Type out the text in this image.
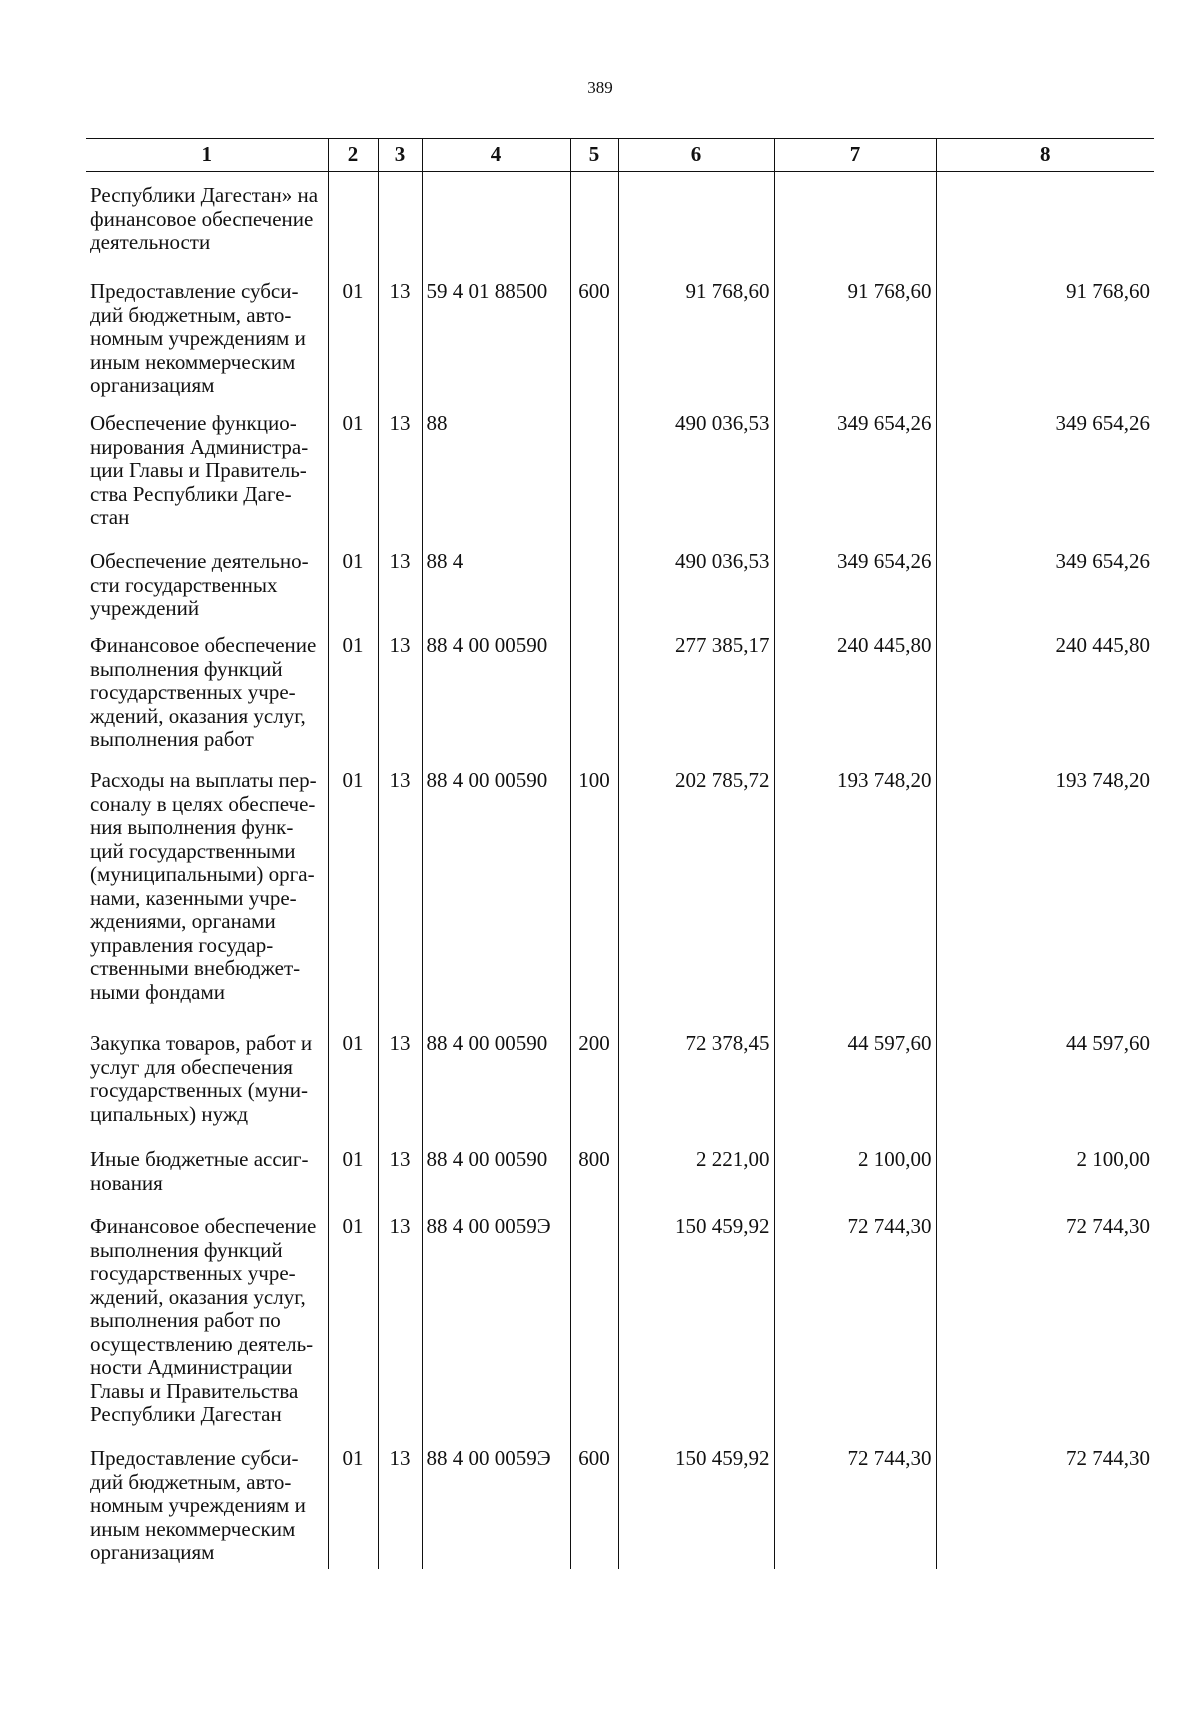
389
1	2	3	4	5	6	7	8
Республики Дагестан» на финансовое обеспечение деятельности							
Предоставление субси-дий бюджетным, авто-номным учреждениям и иным некоммерческим организациям	01	13	59 4 01 88500	600	91 768,60	91 768,60	91 768,60
Обеспечение функцио-нирования Администра-ции Главы и Правитель-ства Республики Даге-стан	01	13	88		490 036,53	349 654,26	349 654,26
Обеспечение деятельно-сти государственных учреждений	01	13	88 4		490 036,53	349 654,26	349 654,26
Финансовое обеспечение выполнения функций государственных учре-ждений, оказания услуг, выполнения работ	01	13	88 4 00 00590		277 385,17	240 445,80	240 445,80
Расходы на выплаты пер-соналу в целях обеспече-ния выполнения функ-ций государственными (муниципальными) орга-нами, казенными учре-ждениями, органами управления государ-ственными внебюджет-ными фондами	01	13	88 4 00 00590	100	202 785,72	193 748,20	193 748,20
Закупка товаров, работ и услуг для обеспечения государственных (муни-ципальных) нужд	01	13	88 4 00 00590	200	72 378,45	44 597,60	44 597,60
Иные бюджетные ассиг-нования	01	13	88 4 00 00590	800	2 221,00	2 100,00	2 100,00
Финансовое обеспечение выполнения функций государственных учре-ждений, оказания услуг, выполнения работ по осуществлению деятель-ности Администрации Главы и Правительства Республики Дагестан	01	13	88 4 00 0059Э		150 459,92	72 744,30	72 744,30
Предоставление субси-дий бюджетным, авто-номным учреждениям и иным некоммерческим организациям	01	13	88 4 00 0059Э	600	150 459,92	72 744,30	72 744,30
